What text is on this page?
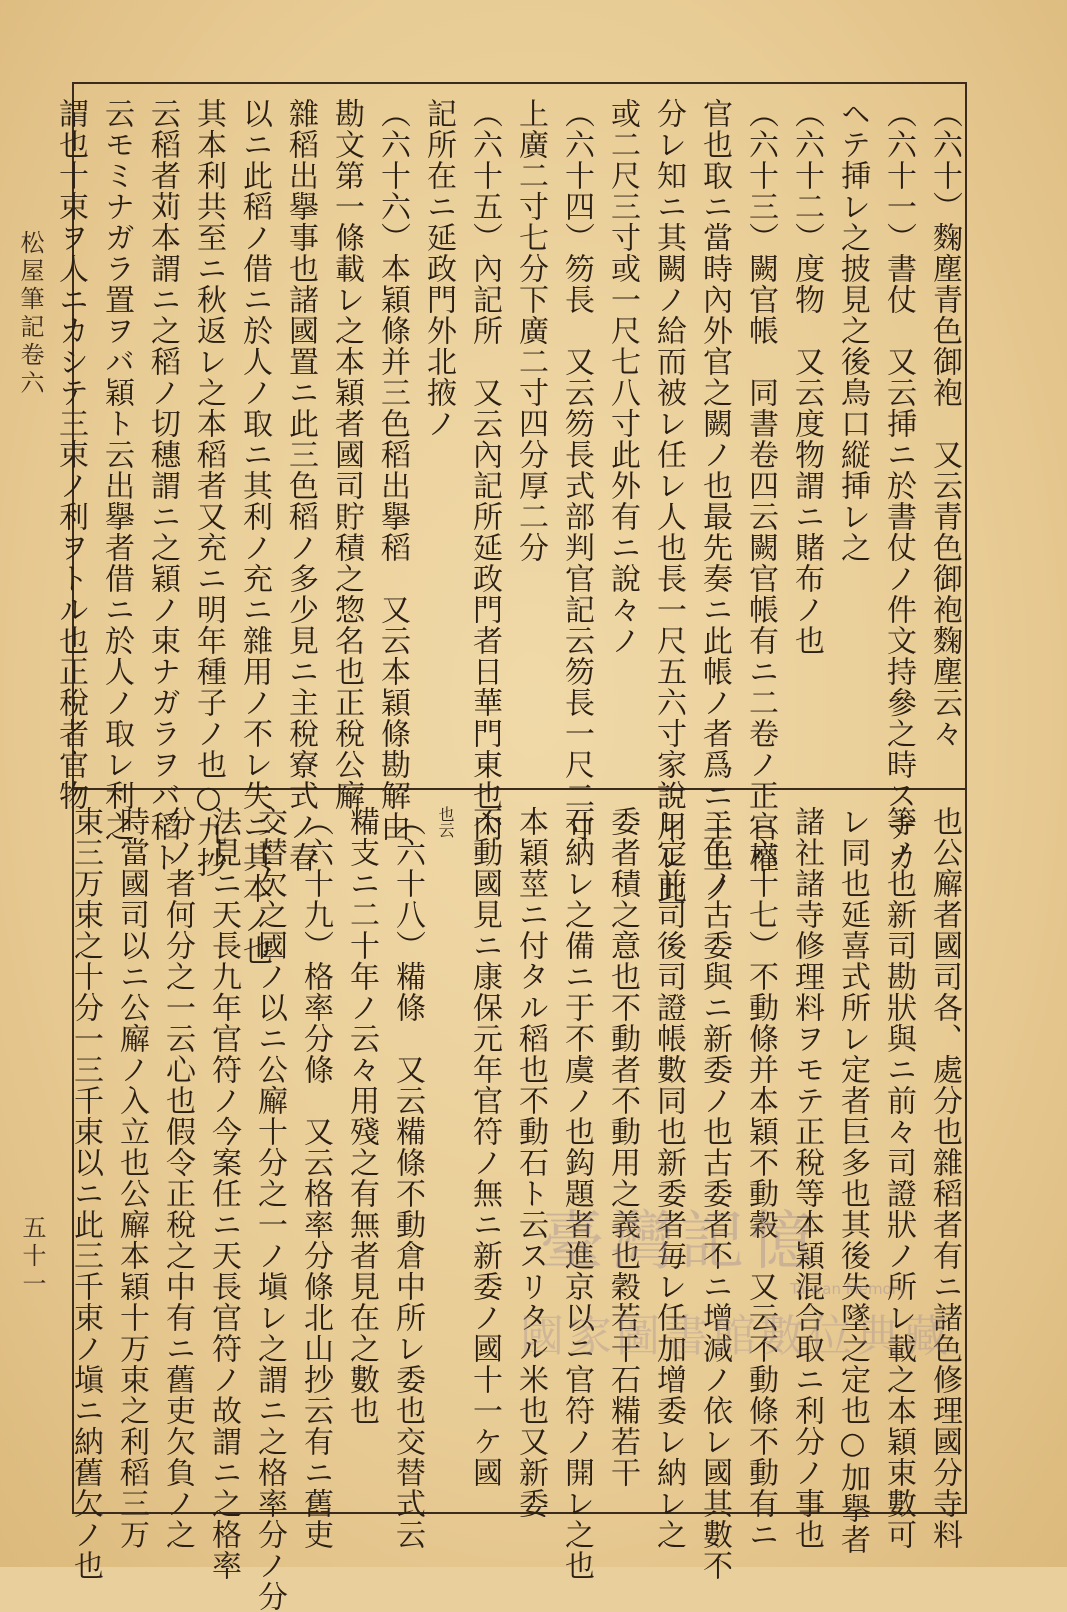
松屋筆記卷六
五十一
（六十）麴塵青色御袍　又云青色御袍麴塵云々
（六十一）書仗　又云挿ニ於書仗ノ件文持參之時スヂカ
ヘテ挿レ之披見之後鳥口縦挿レ之
（六十二）度物　又云度物謂ニ賭布ノ也
（六十三）闕官帳　同書卷四云闕官帳有ニ二卷ノ正官權
官也取ニ當時內外官之闕ノ也最先奏ニ此帳ノ者爲ニ主上ノ
分レ知ニ其闕ノ給而被レ任レ人也長一尺五六寸家說用レ此
或二尺三寸或一尺七八寸此外有ニ說々ノ
（六十四）笏長　又云笏長式部判官記云笏長一尺二寸
上廣二寸七分下廣二寸四分厚二分
（六十五）內記所　又云內記所延政門者日華門東也內
記所在ニ延政門外北掖ノ
（六十六）本穎條并三色稻出擧稻　又云本穎條勘解由
勘文第一條載レ之本穎者國司貯積之惣名也正稅公廨
雜稻出擧事也諸國置ニ此三色稻ノ多少見ニ主稅寮式ノ春
以ニ此稻ノ借ニ於人ノ取ニ其利ノ充ニ雜用ノ不レ失ニ其本ノ也
其本利共至ニ秋返レ之本稻者又充ニ明年種子ノ也○九抄
云稻者苅本謂ニ之稻ノ切穗謂ニ之穎ノ束ナガラヲバ稻ト
云モミナガラ置ヲバ穎ト云出擧者借ニ於人ノ取レ利之
謂也十束ヲ人ニカシテ三束ノ利ヲトル也正稅者官物
也公廨者國司各、處分也雜稻者有ニ諸色修理國分寺料
等ノ也新司勘狀與ニ前々司證狀ノ所レ載之本穎束數可
レ同也延喜式所レ定者巨多也其後失墜之定也○加擧者
諸社諸寺修理料ヲモテ正稅等本穎混合取ニ利分ノ事也
（六十七）不動條并本穎不動穀　又云不動條不動有ニ
二色ノ古委與ニ新委ノ也古委者不ニ增減ノ依レ國其數不
レ定前司後司證帳數同也新委者毎レ任加增委レ納レ之
委者積之意也不動者不動用之義也穀若干石糒若干
石納レ之備ニ于不虞ノ也鈎題者進京以ニ官符ノ開レ之也
本穎莖ニ付タル稻也不動石ト云スリタル米也又新委
不動國見ニ康保元年官符ノ無ニ新委ノ國十一ケ國
也云
（六十八）糒條　又云糒條不動倉中所レ委也交替式云
糒支ニ二十年ノ云々用殘之有無者見在之數也
（六十九）格率分條　又云格率分條北山抄云有ニ舊吏
交替欠之國ノ以ニ公廨十分之一ノ塡レ之謂ニ之格率分ノ分
法見ニ天長九年官符ノ今案任ニ天長官符ノ故謂ニ之格率
分ノ者何分之一云心也假令正稅之中有ニ舊吏欠負ノ之
時當國司以ニ公廨ノ入立也公廨本穎十万束之利稻三万
束三万束之十分一三千束以ニ此三千束ノ塡ニ納舊欠ノ也	臺灣記憶
Taiwan Memory
國家圖書館數位典藏
